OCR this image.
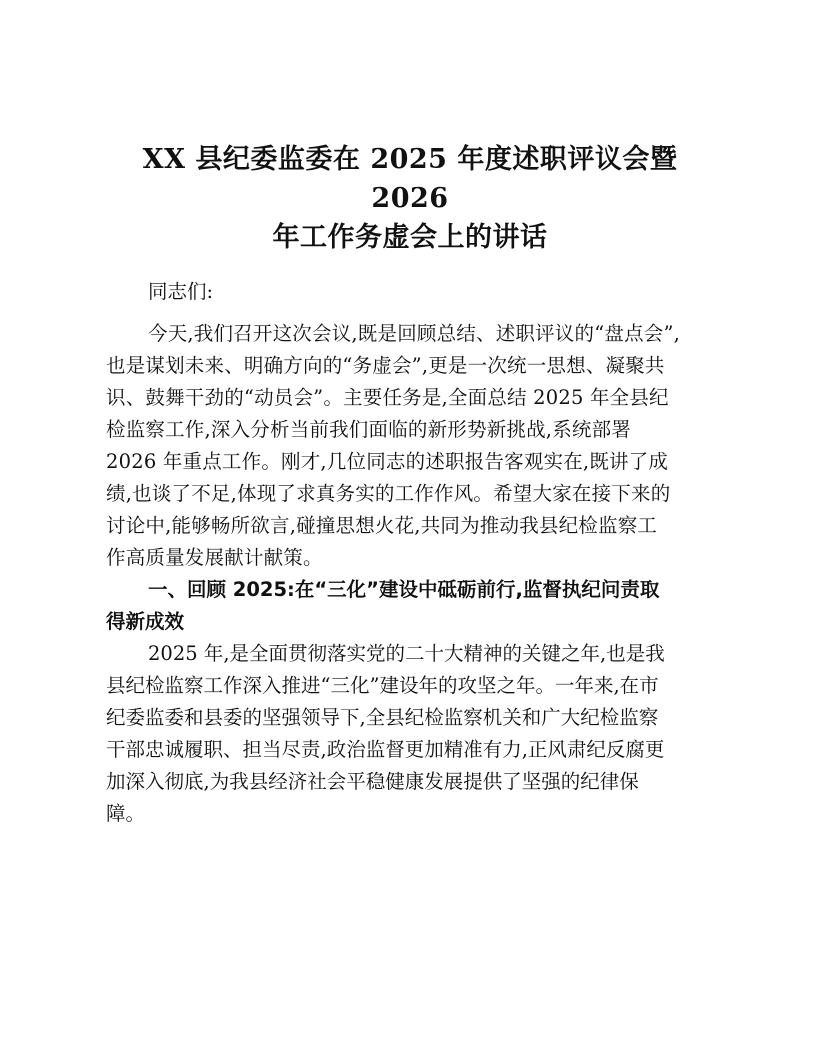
XX 县纪委监委在 2025 年度述职评议会暨 2026
年工作务虚会上的讲话

同志们:

今天,我们召开这次会议,既是回顾总结、述职评议的“盘点会”,
也是谋划未来、明确方向的“务虚会”,更是一次统一思想、凝聚共
识、鼓舞干劲的“动员会”。主要任务是,全面总结 2025 年全县纪
检监察工作,深入分析当前我们面临的新形势新挑战,系统部署
2026 年重点工作。刚才,几位同志的述职报告客观实在,既讲了成
绩,也谈了不足,体现了求真务实的工作作风。希望大家在接下来的
讨论中,能够畅所欲言,碰撞思想火花,共同为推动我县纪检监察工
作高质量发展献计献策。

一、回顾 2025:在“三化”建设中砥砺前行,监督执纪问责取
得新成效

2025 年,是全面贯彻落实党的二十大精神的关键之年,也是我
县纪检监察工作深入推进“三化”建设年的攻坚之年。一年来,在市
纪委监委和县委的坚强领导下,全县纪检监察机关和广大纪检监察
干部忠诚履职、担当尽责,政治监督更加精准有力,正风肃纪反腐更
加深入彻底,为我县经济社会平稳健康发展提供了坚强的纪律保
障。
